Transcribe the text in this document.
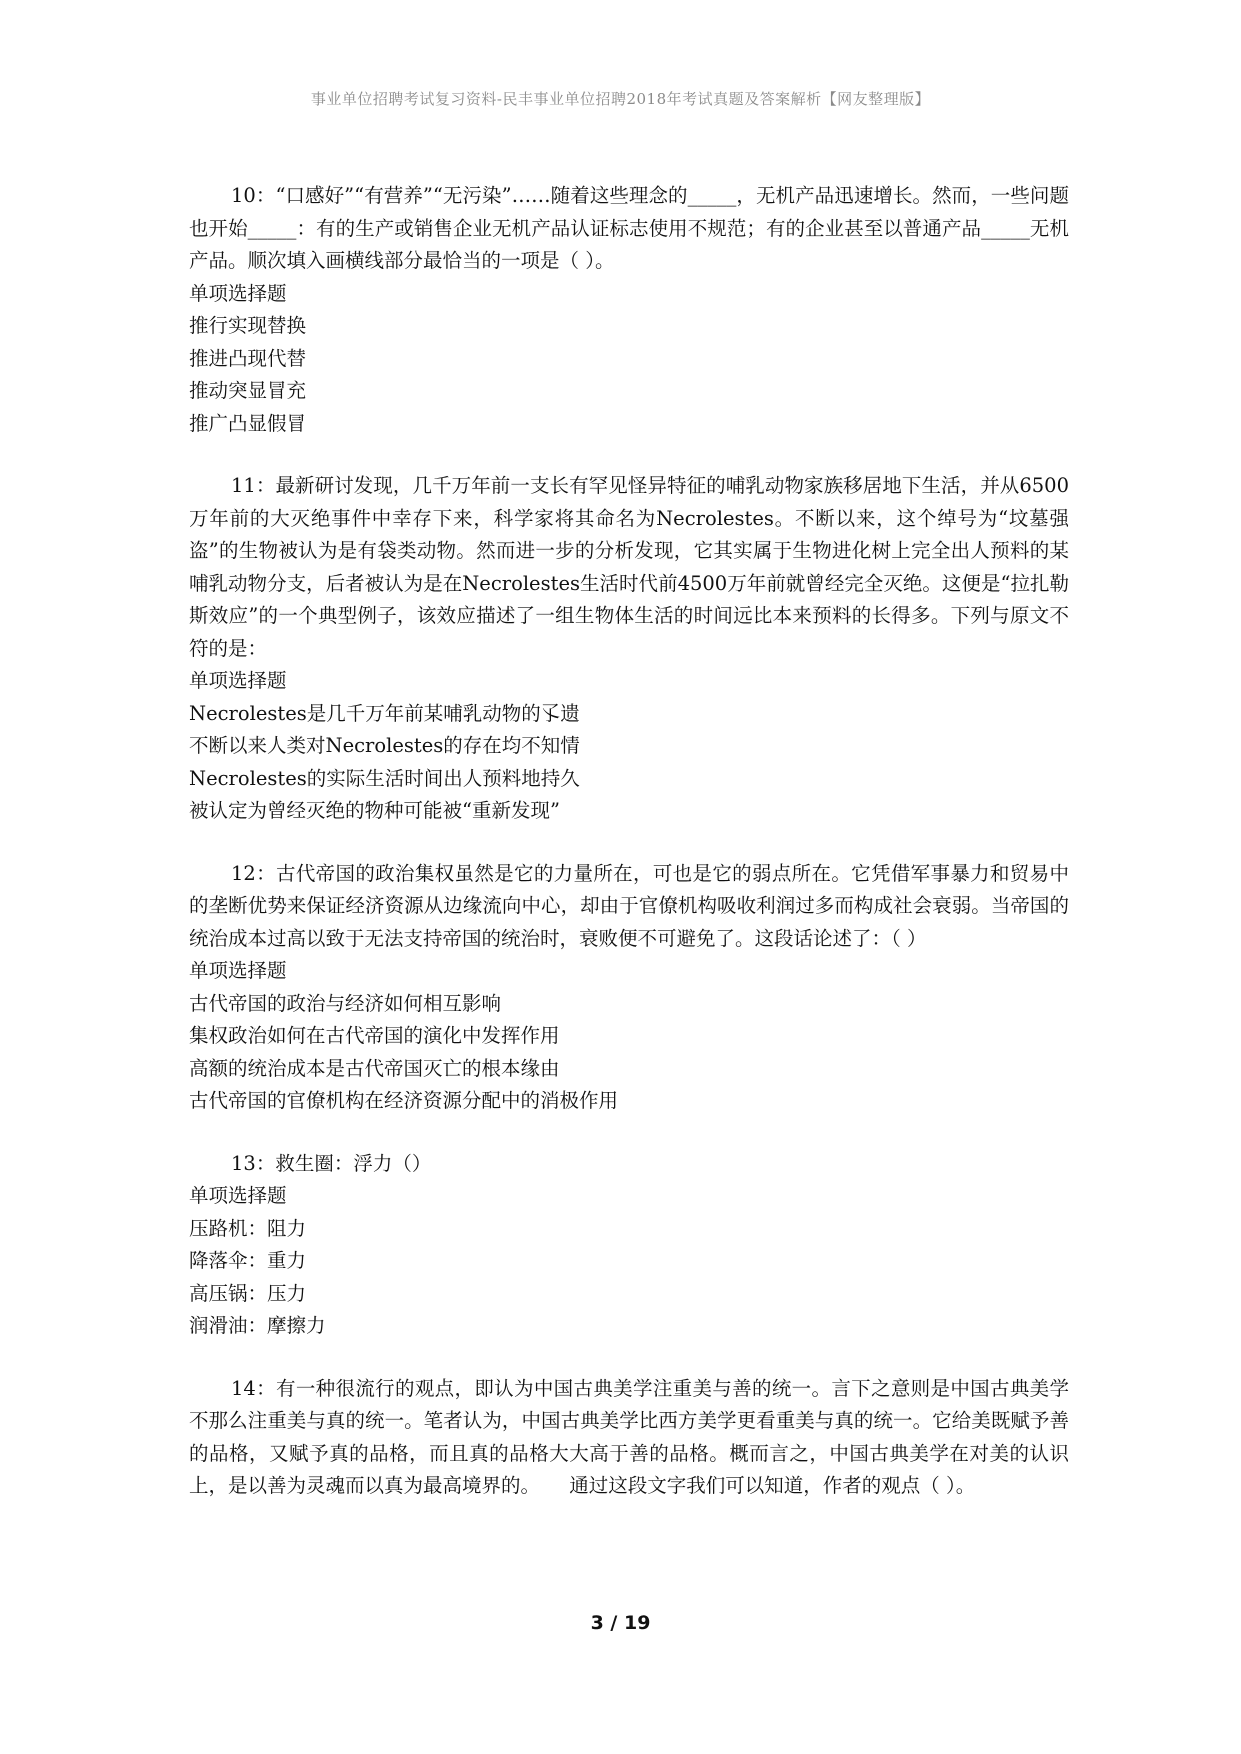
事业单位招聘考试复习资料-民丰事业单位招聘2018年考试真题及答案解析【网友整理版】

10：“口感好”“有营养”“无污染”……随着这些理念的_____，无机产品迅速增长。然而，一些问题也开始_____：有的生产或销售企业无机产品认证标志使用不规范；有的企业甚至以普通产品_____无机产品。顺次填入画横线部分最恰当的一项是（ ）。

单项选择题

推行实现替换

推进凸现代替

推动突显冒充

推广凸显假冒

11：最新研讨发现，几千万年前一支长有罕见怪异特征的哺乳动物家族移居地下生活，并从6500万年前的大灭绝事件中幸存下来，科学家将其命名为Necrolestes。不断以来，这个绰号为“坟墓强盗”的生物被认为是有袋类动物。然而进一步的分析发现，它其实属于生物进化树上完全出人预料的某哺乳动物分支，后者被认为是在Necrolestes生活时代前4500万年前就曾经完全灭绝。这便是“拉扎勒斯效应”的一个典型例子，该效应描述了一组生物体生活的时间远比本来预料的长得多。下列与原文不符的是：

单项选择题

Necrolestes是几千万年前某哺乳动物的孓遗

不断以来人类对Necrolestes的存在均不知情

Necrolestes的实际生活时间出人预料地持久

被认定为曾经灭绝的物种可能被“重新发现”

12：古代帝国的政治集权虽然是它的力量所在，可也是它的弱点所在。它凭借军事暴力和贸易中的垄断优势来保证经济资源从边缘流向中心，却由于官僚机构吸收利润过多而构成社会衰弱。当帝国的统治成本过高以致于无法支持帝国的统治时，衰败便不可避免了。这段话论述了：（ ）

单项选择题

古代帝国的政治与经济如何相互影响

集权政治如何在古代帝国的演化中发挥作用

高额的统治成本是古代帝国灭亡的根本缘由

古代帝国的官僚机构在经济资源分配中的消极作用

13：救生圈：浮力（）

单项选择题

压路机：阻力

降落伞：重力

高压锅：压力

润滑油：摩擦力

14：有一种很流行的观点，即认为中国古典美学注重美与善的统一。言下之意则是中国古典美学不那么注重美与真的统一。笔者认为，中国古典美学比西方美学更看重美与真的统一。它给美既赋予善的品格，又赋予真的品格，而且真的品格大大高于善的品格。概而言之，中国古典美学在对美的认识上，是以善为灵魂而以真为最高境界的。　　通过这段文字我们可以知道，作者的观点（ ）。

3 / 19
